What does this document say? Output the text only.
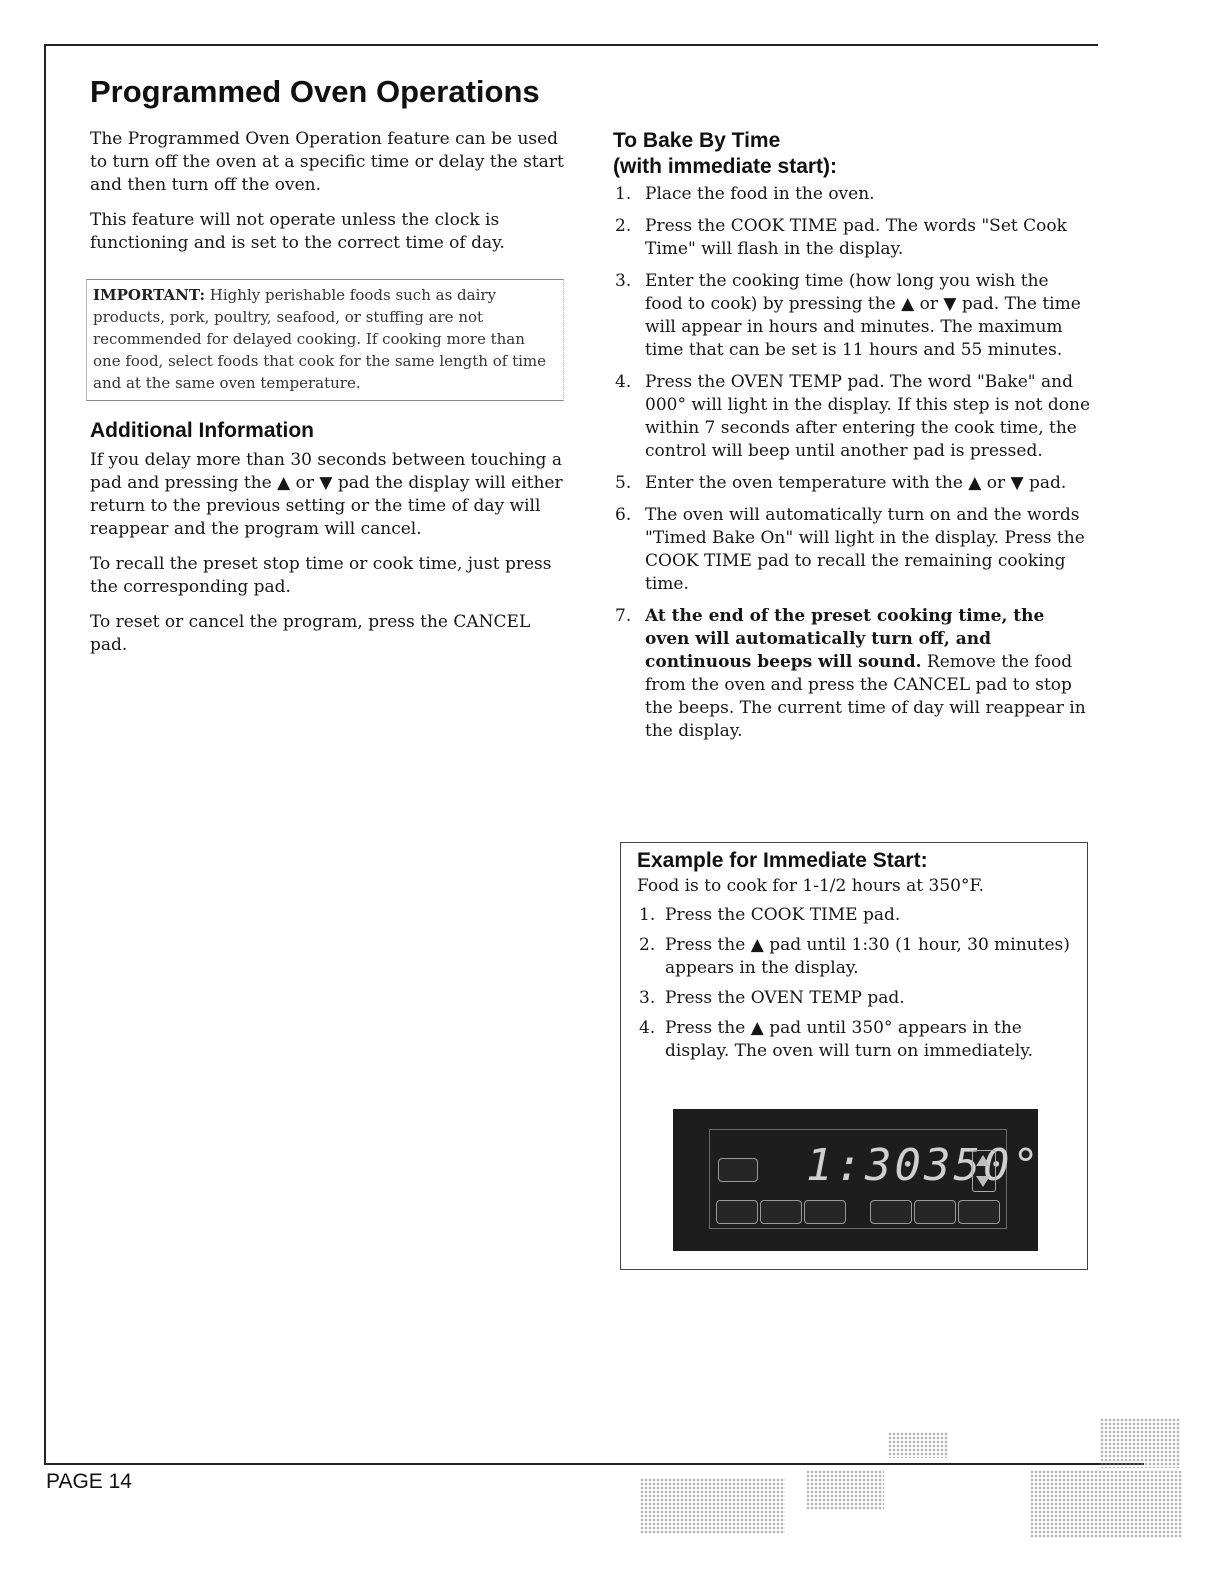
Programmed Oven Operations

The Programmed Oven Operation feature can be used to turn off the oven at a specific time or delay the start and then turn off the oven.

This feature will not operate unless the clock is functioning and is set to the correct time of day.

IMPORTANT: Highly perishable foods such as dairy products, pork, poultry, seafood, or stuffing are not recommended for delayed cooking. If cooking more than one food, select foods that cook for the same length of time and at the same oven temperature.
Additional Information

If you delay more than 30 seconds between touching a pad and pressing the ▲ or ▼ pad the display will either return to the previous setting or the time of day will reappear and the program will cancel.

To recall the preset stop time or cook time, just press the corresponding pad.

To reset or cancel the program, press the CANCEL pad.

To Bake By Time
(with immediate start):
1. Place the food in the oven.
2. Press the COOK TIME pad. The words "Set Cook Time" will flash in the display.
3. Enter the cooking time (how long you wish the food to cook) by pressing the ▲ or ▼ pad. The time will appear in hours and minutes. The maximum time that can be set is 11 hours and 55 minutes.
4. Press the OVEN TEMP pad. The word "Bake" and 000° will light in the display. If this step is not done within 7 seconds after entering the cook time, the control will beep until another pad is pressed.
5. Enter the oven temperature with the ▲ or ▼ pad.
6. The oven will automatically turn on and the words "Timed Bake On" will light in the display. Press the COOK TIME pad to recall the remaining cooking time.
7. At the end of the preset cooking time, the oven will automatically turn off, and continuous beeps will sound. Remove the food from the oven and press the CANCEL pad to stop the beeps. The current time of day will reappear in the display.
Example for Immediate Start:

Food is to cook for 1-1/2 hours at 350°F.

1. Press the COOK TIME pad.
2. Press the ▲ pad until 1:30 (1 hour, 30 minutes) appears in the display.
3. Press the OVEN TEMP pad.
4. Press the ▲ pad until 350° appears in the display. The oven will turn on immediately.
1:30350°
PAGE 14
